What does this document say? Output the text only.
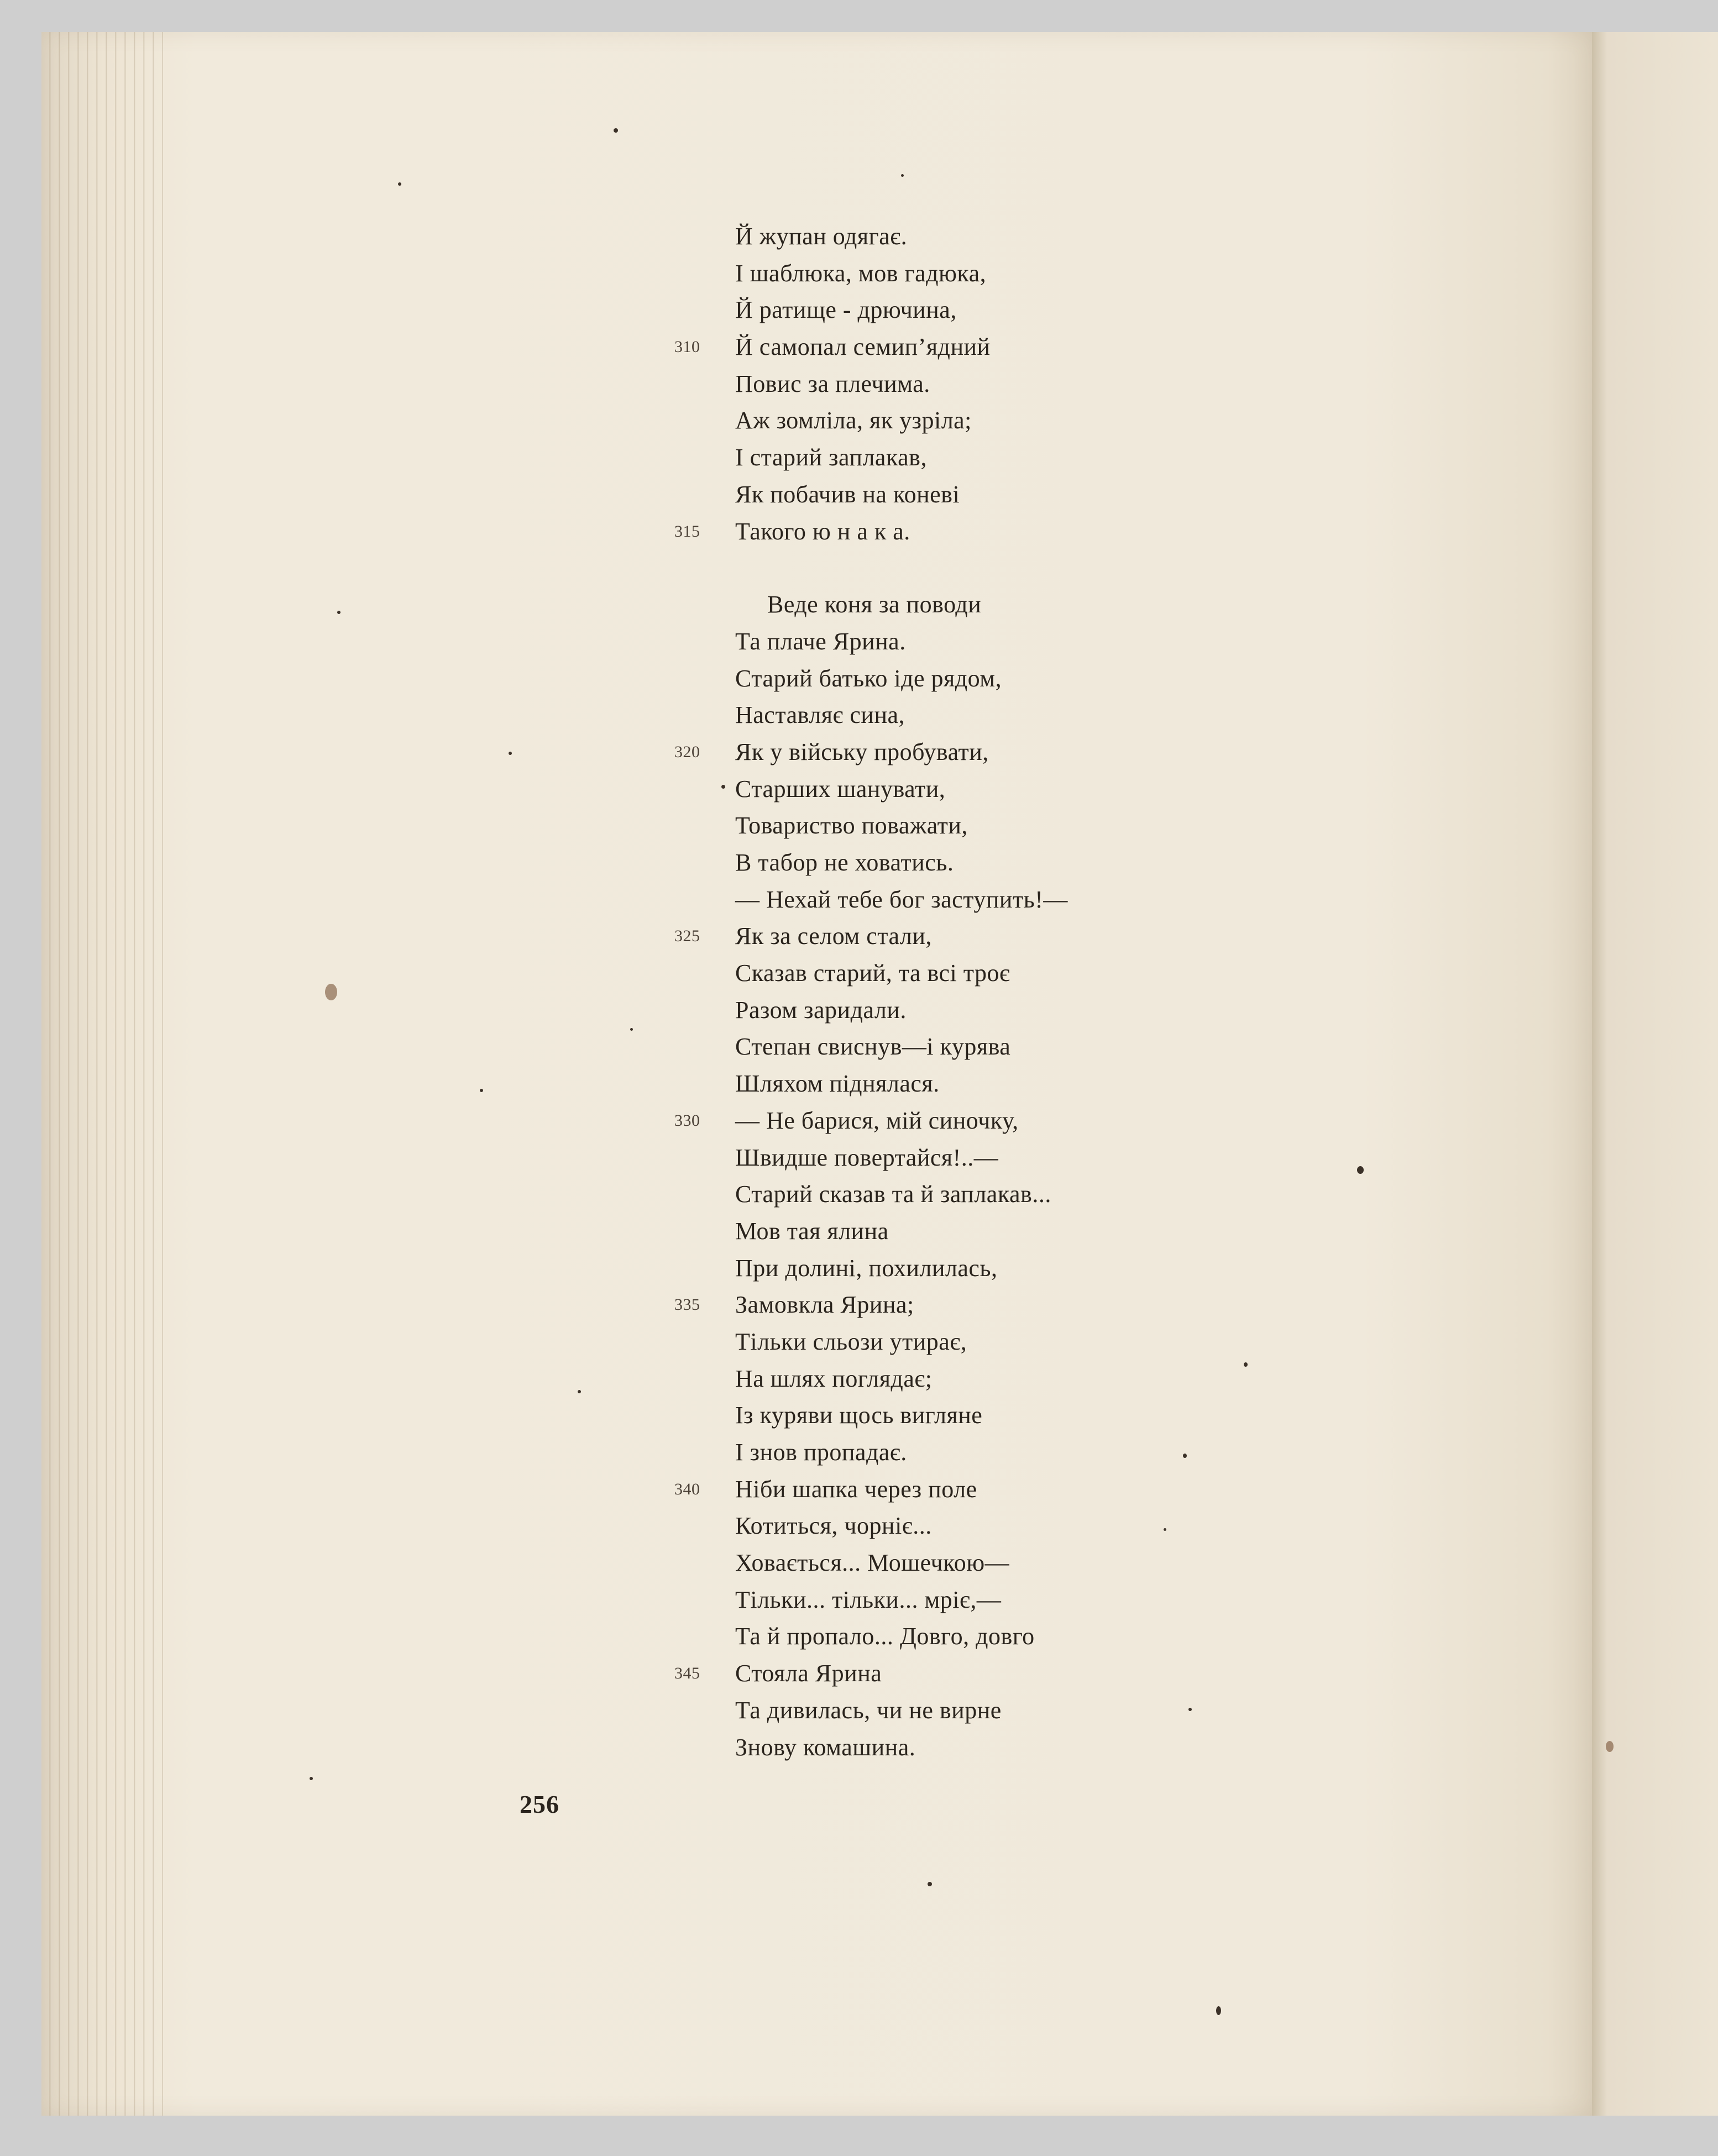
Й жупан одягає.
І шаблюка, мов гадюка,
Й ратище - дрючина,
310 Й самопал семип’ядний
Повис за плечима.
Аж зомліла, як узріла;
І старий заплакав,
Як побачив на коневі
315 Такого ю н а к а.
Веде коня за поводи
Та плаче Ярина.
Старий батько іде рядом,
Наставляє сина,
320 Як у війську пробувати,
Старших шанувати,
Товариство поважати,
В табор не ховатись.
— Нехай тебе бог заступить!—
325 Як за селом стали,
Сказав старий, та всі троє
Разом заридали.
Степан свиснув—і курява
Шляхом піднялася.
330 — Не барися, мій синочку,
Швидше повертайся!..—
Старий сказав та й заплакав...
Мов тая ялина
При долині, похилилась,
335 Замовкла Ярина;
Тільки сльози утирає,
На шлях поглядає;
Із куряви щось вигляне
І знов пропадає.
340 Ніби шапка через поле
Котиться, чорніє...
Ховається... Мошечкою—
Тільки... тільки... мріє,—
Та й пропало... Довго, довго
345 Стояла Ярина
Та дивилась, чи не вирне
Знову комашина.
256
